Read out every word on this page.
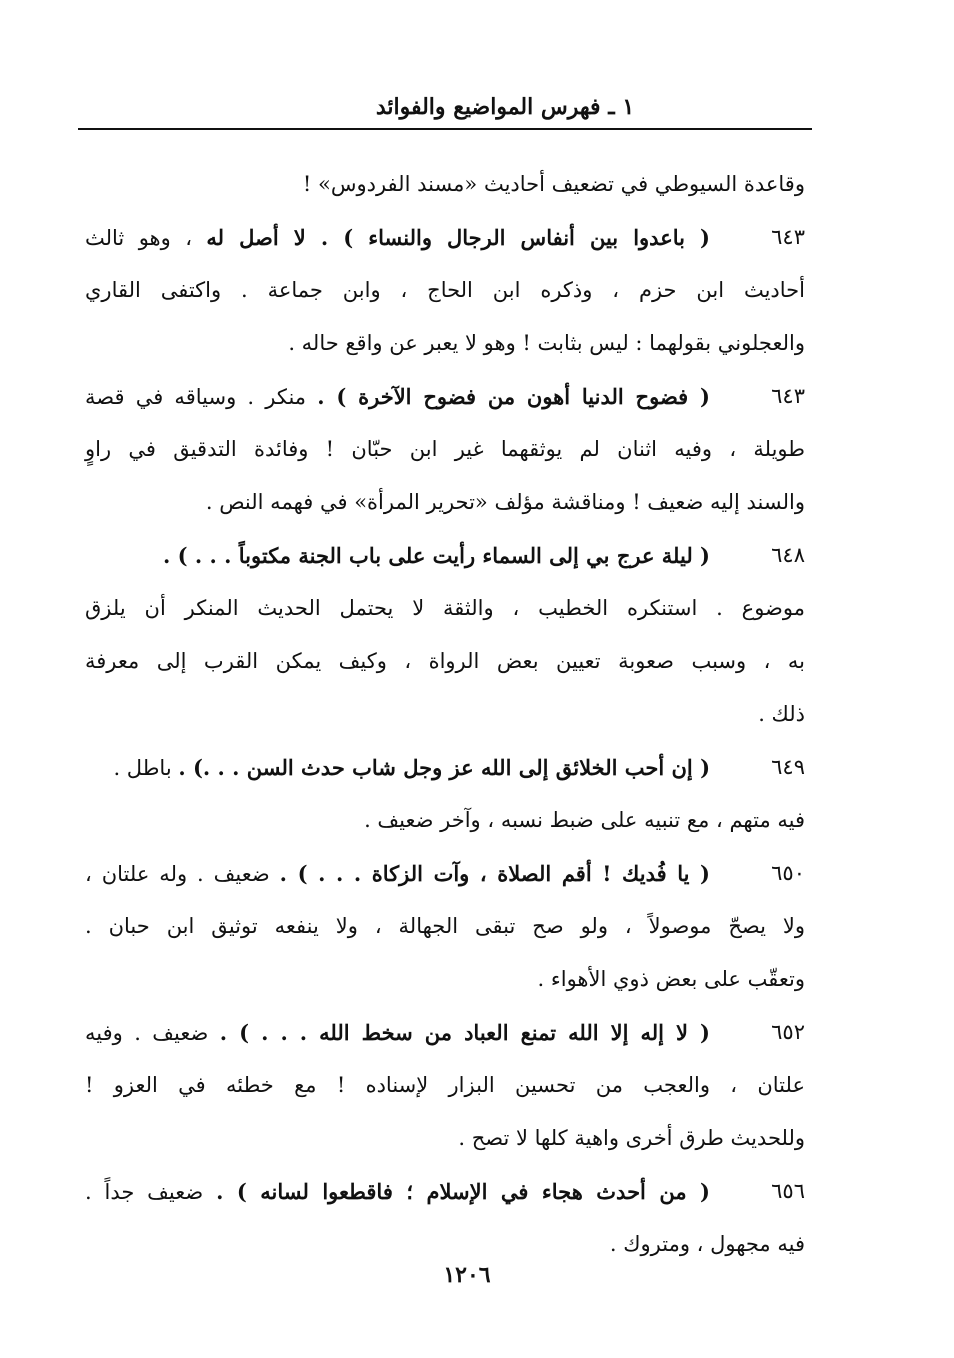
١ ـ فهرس المواضيع والفوائد
وقاعدة السيوطي في تضعيف أحاديث «مسند الفردوس» !
٦٤٣
( باعدوا بين أنفاس الرجال والنساء ) . لا أصل له ، وهو ثالث
أحاديث ابن حزم ، وذكره ابن الحاج ، وابن جماعة . واكتفى القاري
والعجلوني بقولهما : ليس بثابت ! وهو لا يعبر عن واقع حاله .
٦٤٣
( فضوح الدنيا أهون من فضوح الآخرة ) . منكر . وسياقه في قصة
طويلة ، وفيه اثنان لم يوثقهما غير ابن حبّان ! وفائدة التدقيق في راوٍ
والسند إليه ضعيف ! ومناقشة مؤلف «تحرير المرأة» في فهمه النص .
٦٤٨
( ليلة عرج بي إلى السماء رأيت على باب الجنة مكتوباً . . . ) .
موضوع . استنكره الخطيب ، والثقة لا يحتمل الحديث المنكر أن يلزق
به ، وسبب صعوبة تعيين بعض الرواة ، وكيف يمكن القرب إلى معرفة
ذلك .
٦٤٩
( إن أحب الخلائق إلى الله عز وجل شاب حدث السن . . .) . باطل .
فيه متهم ، مع تنبيه على ضبط نسبه ، وآخر ضعيف .
٦٥٠
( يا فُديك ! أقم الصلاة ، وآت الزكاة . . . ) . ضعيف . وله علتان ،
ولا يصحّ موصولاً ، ولو صح تبقى الجهالة ، ولا ينفعه توثيق ابن حبان .
وتعقّب على بعض ذوي الأهواء .
٦٥٢
( لا إله إلا الله تمنع العباد من سخط الله . . . ) . ضعيف . وفيه
علتان ، والعجب من تحسين البزار لإسناده ! مع خطئه في العزو !
وللحديث طرق أخرى واهية كلها لا تصح .
٦٥٦
( من أحدث هجاء في الإسلام ؛ فاقطعوا لسانه ) . ضعيف جداً .
فيه مجهول ، ومتروك .
١٢٠٦
